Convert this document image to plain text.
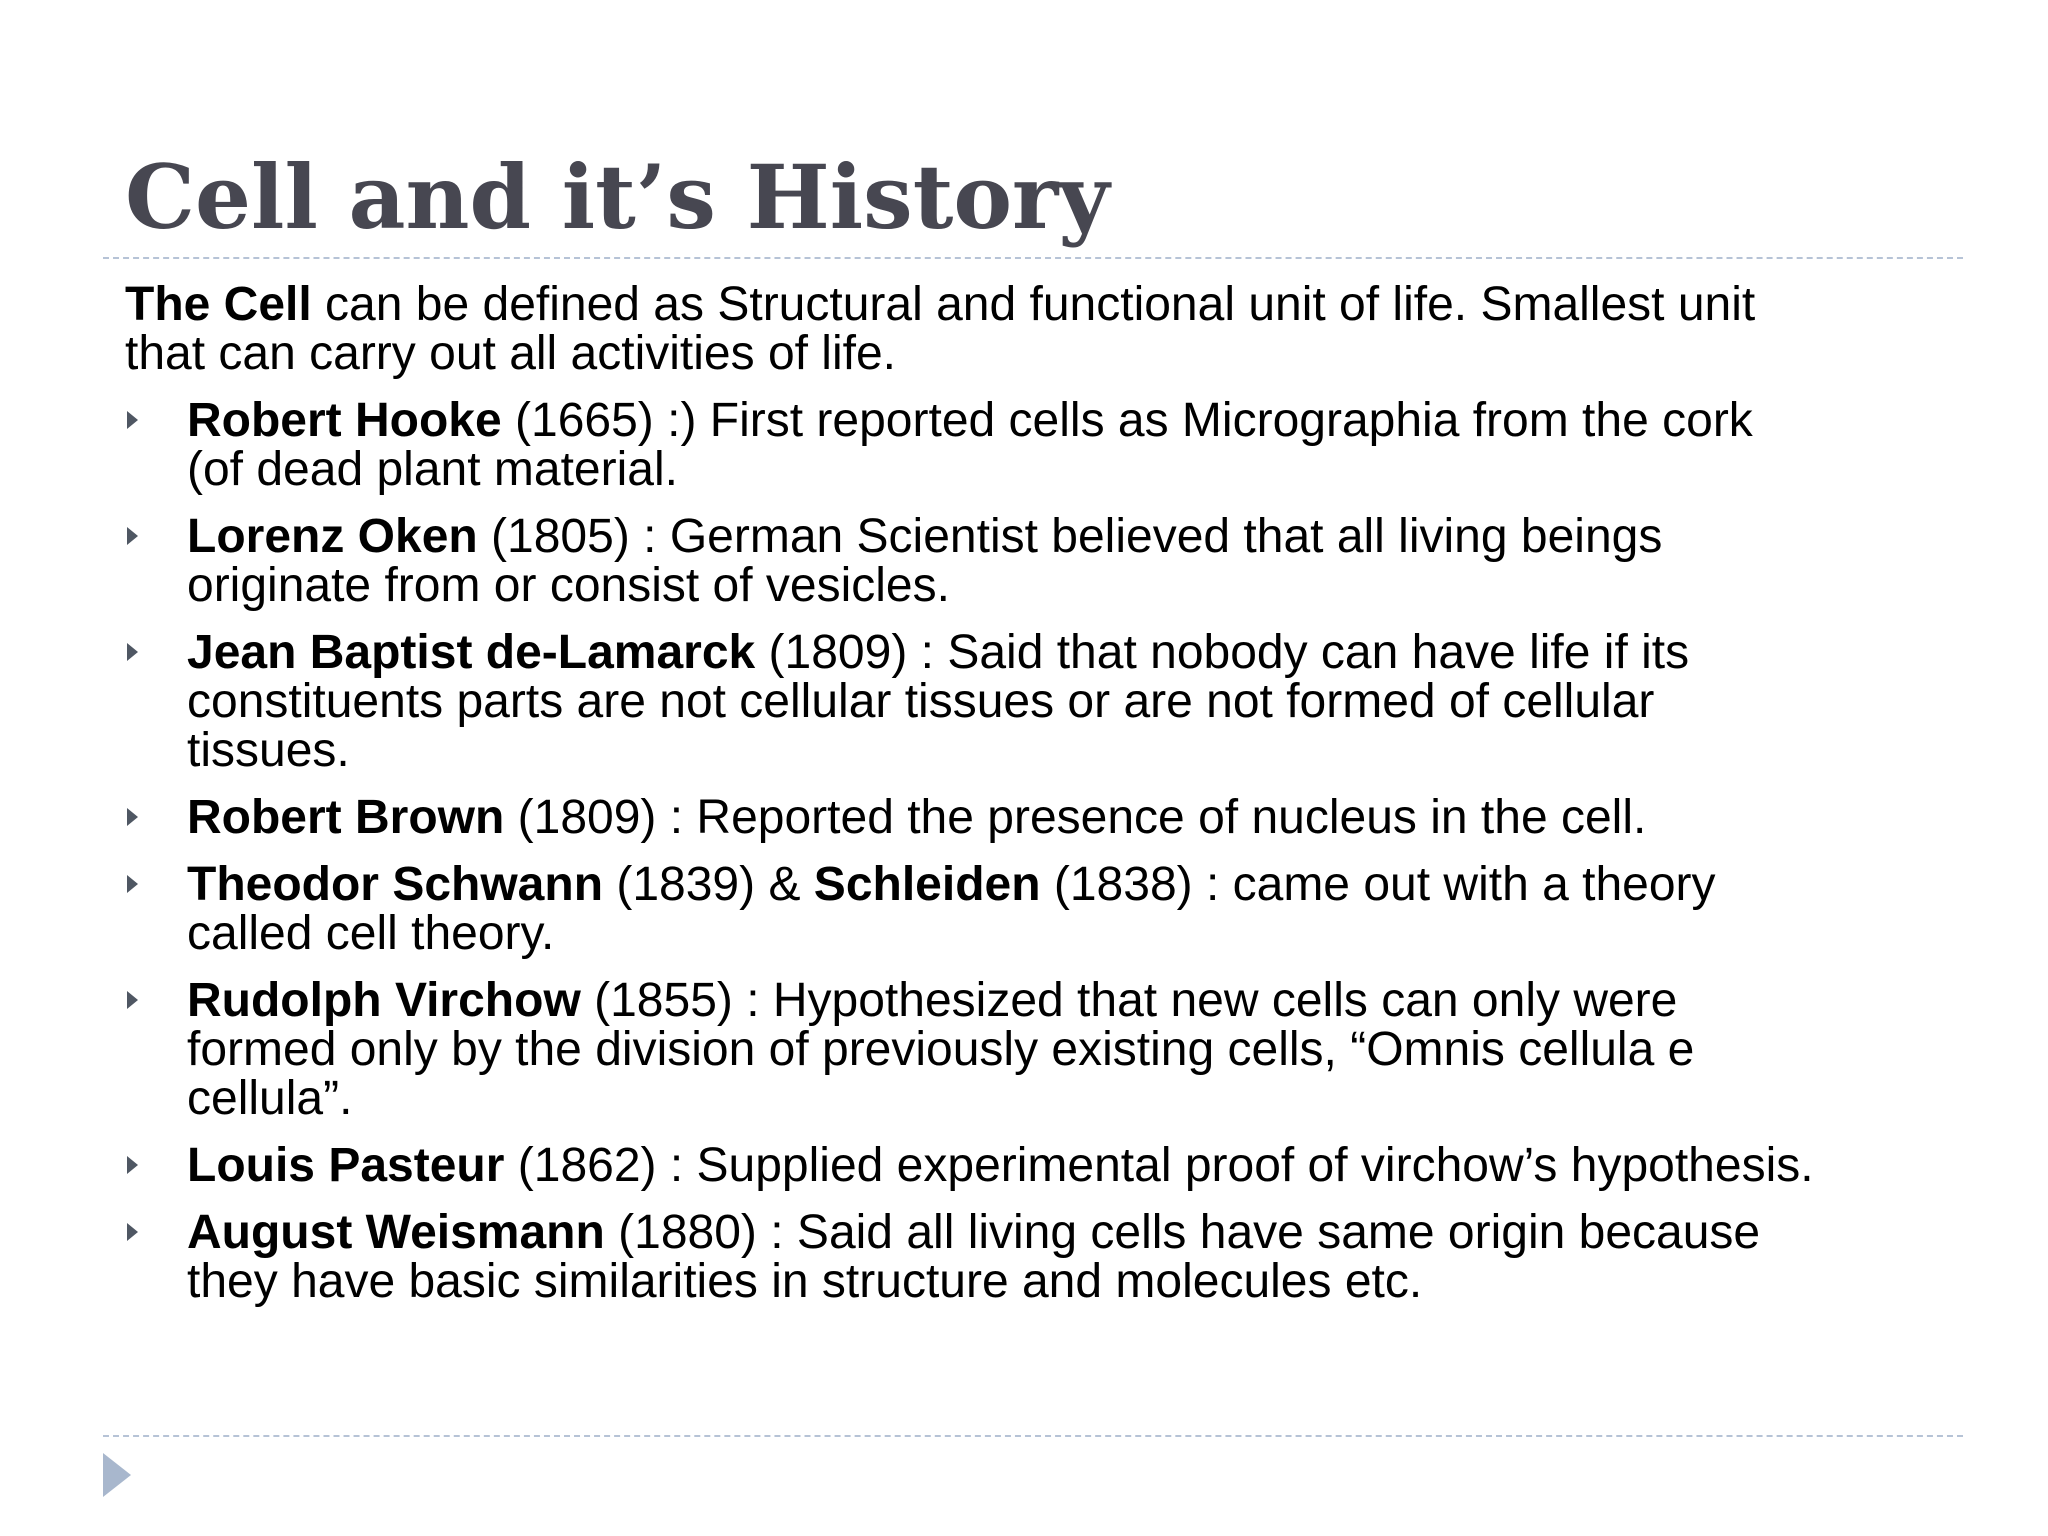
Cell and it’s History

The Cell can be defined as Structural and functional unit of life. Smallest unit
that can carry out all activities of life.

Robert Hooke (1665) :) First reported cells as Micrographia from the cork
(of dead plant material.
Lorenz Oken (1805) : German Scientist believed that all living beings
originate from or consist of vesicles.
Jean Baptist de-Lamarck (1809) : Said that nobody can have life if its
constituents parts are not cellular tissues or are not formed of cellular
tissues.
Robert Brown (1809) : Reported the presence of nucleus in the cell.
Theodor Schwann (1839) & Schleiden (1838) : came out with a theory
called cell theory.
Rudolph Virchow (1855) : Hypothesized that new cells can only were
formed only by the division of previously existing cells, “Omnis cellula e
cellula”.
Louis Pasteur (1862) : Supplied experimental proof of virchow’s hypothesis.
August Weismann (1880) : Said all living cells have same origin because
they have basic similarities in structure and molecules etc.
